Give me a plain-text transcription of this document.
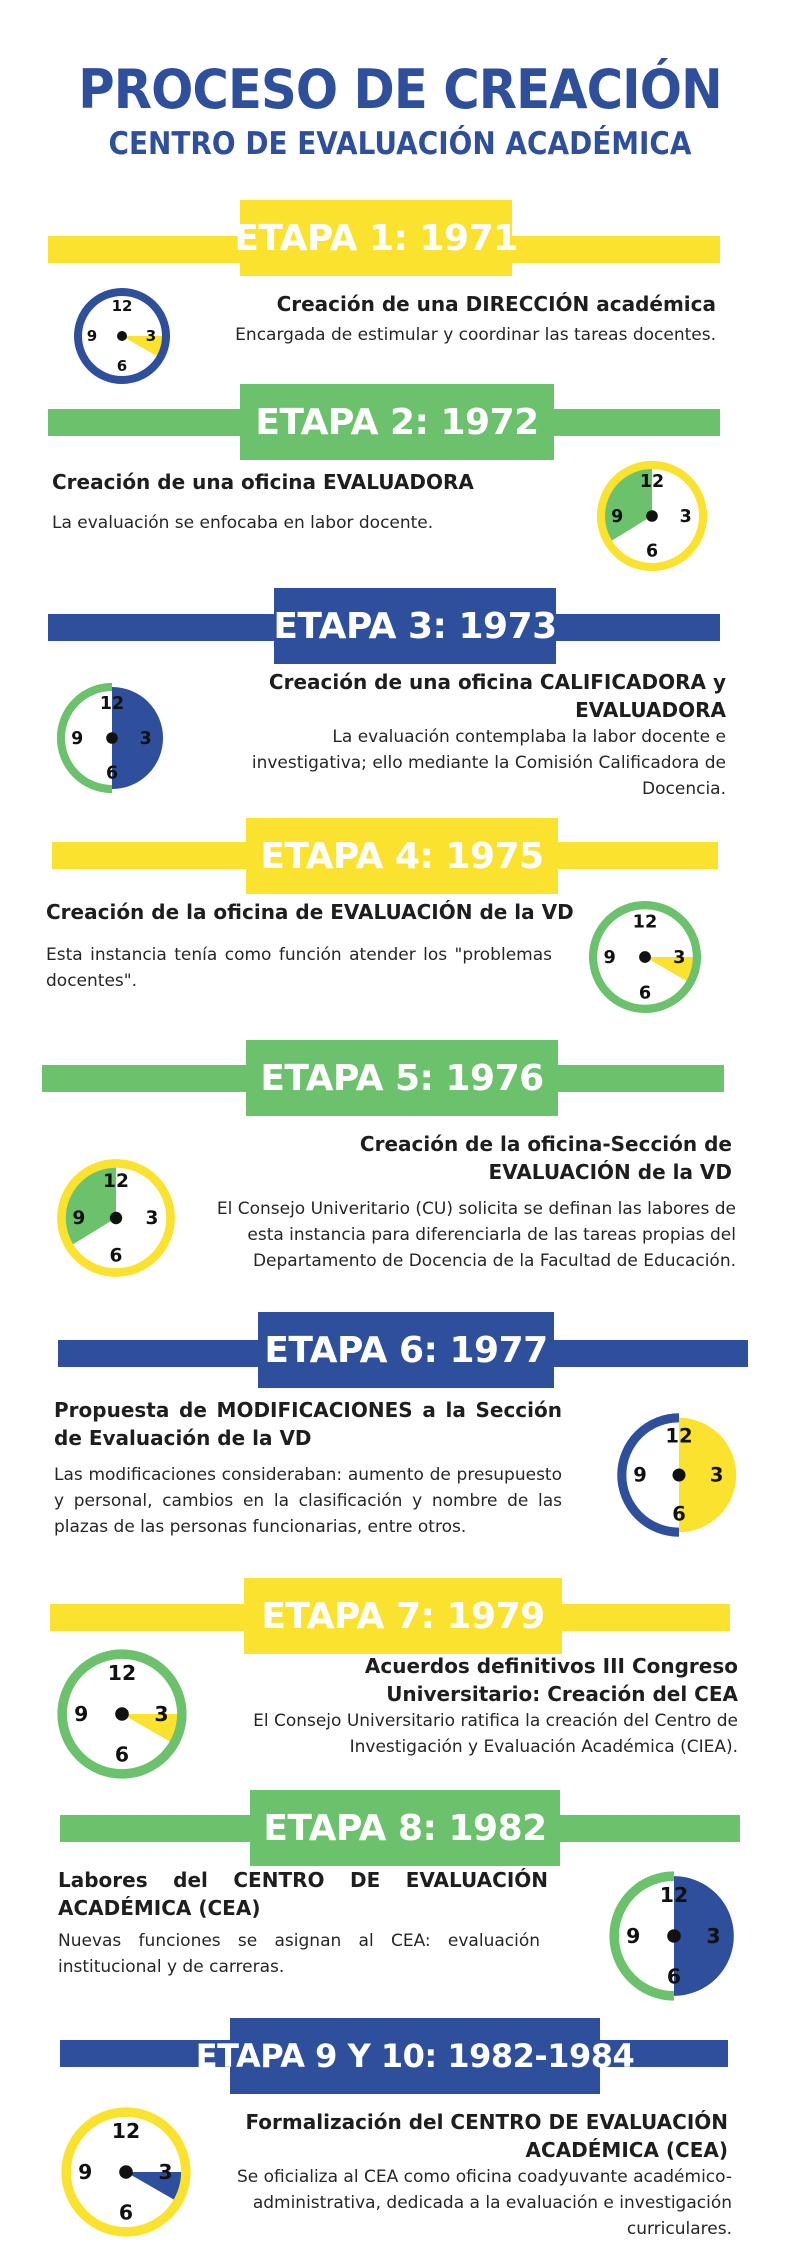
PROCESO DE CREACIÓN
CENTRO DE EVALUACIÓN ACADÉMICA
ETAPA 1: 1971
12
3
6
9
Creación de una DIRECCIÓN académica
Encargada de estimular y coordinar las tareas docentes.
ETAPA 2: 1972
12
3
6
9
Creación de una oficina EVALUADORA
La evaluación se enfocaba en labor docente.
ETAPA 3: 1973
12
3
6
9
Creación de una oficina CALIFICADORA y EVALUADORA
La evaluación contemplaba la labor docente e investigativa; ello mediante la Comisión Calificadora de Docencia.
ETAPA 4: 1975
12
3
6
9
Creación de la oficina de EVALUACIÓN de la VD
Esta instancia tenía como función atender los "problemas docentes".
ETAPA 5: 1976
12
3
6
9
Creación de la oficina-Sección de EVALUACIÓN de la VD
El Consejo Univeritario (CU) solicita se definan las labores de esta instancia para diferenciarla de las tareas propias del Departamento de Docencia de la Facultad de Educación.
ETAPA 6: 1977
12
3
6
9
Propuesta de MODIFICACIONES a la Sección de Evaluación de la VD
Las modificaciones consideraban: aumento de presupuesto y personal, cambios en la clasificación y nombre de las plazas de las personas funcionarias, entre otros.
ETAPA 7: 1979
12
3
6
9
Acuerdos definitivos III Congreso Universitario: Creación del CEA
El Consejo Universitario ratifica la creación del Centro de Investigación y Evaluación Académica (CIEA).
ETAPA 8: 1982
12
3
6
9
Labores del CENTRO DE EVALUACIÓN ACADÉMICA (CEA)
Nuevas funciones se asignan al CEA: evaluación institucional y de carreras.
ETAPA 9 Y 10: 1982-1984
12
3
6
9
Formalización del CENTRO DE EVALUACIÓN ACADÉMICA (CEA)
Se oficializa al CEA como oficina coadyuvante académico-administrativa, dedicada a la evaluación e investigación curriculares.
